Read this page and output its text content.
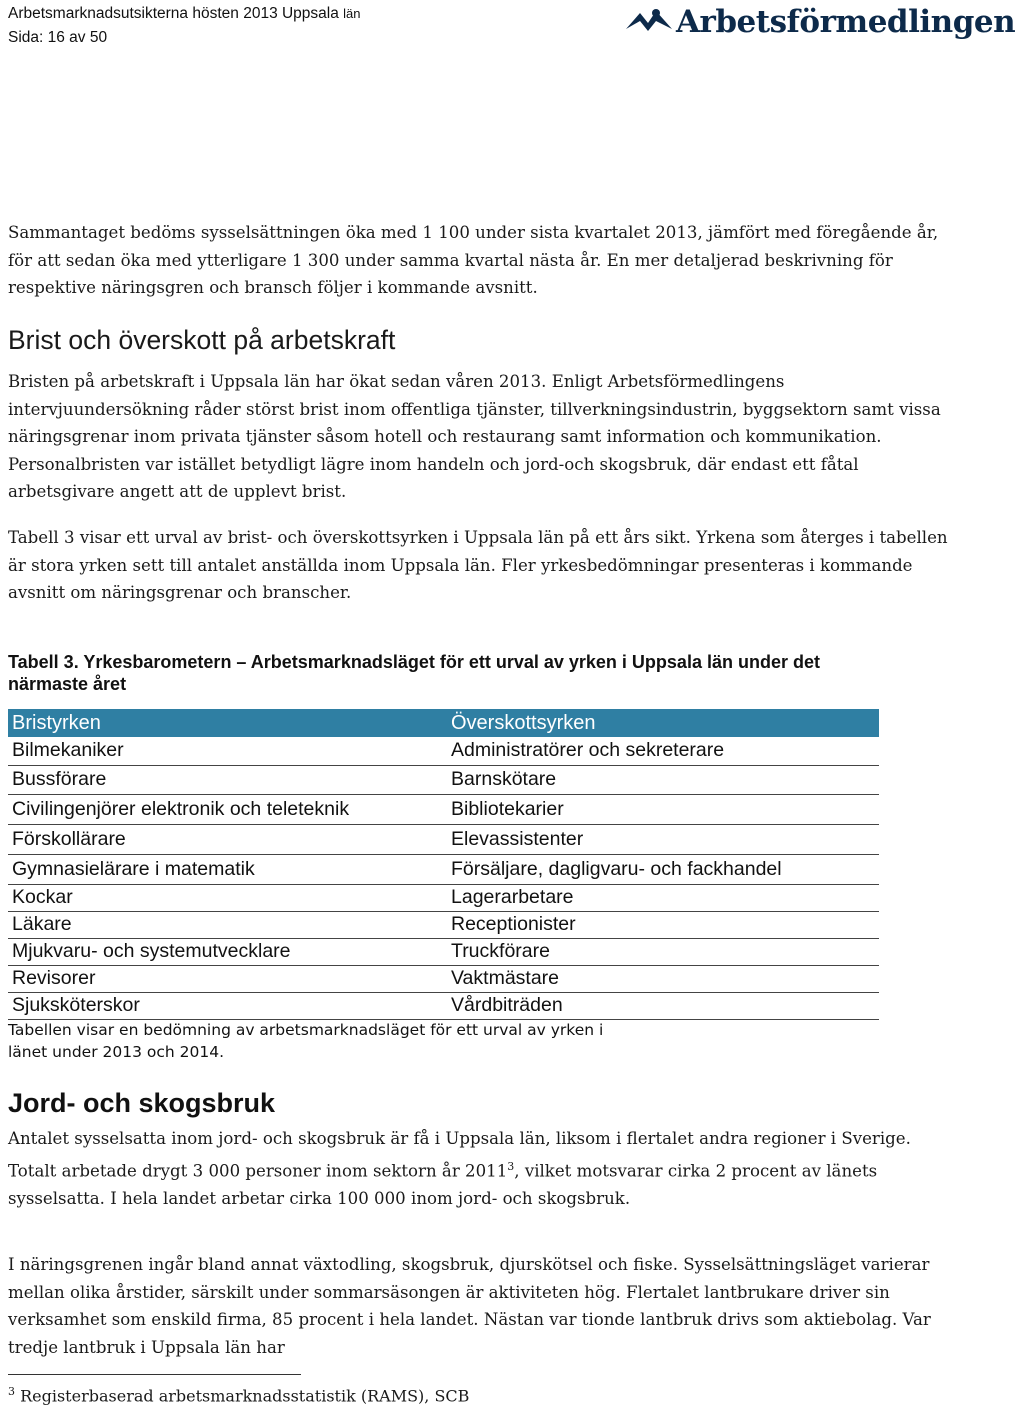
Arbetsmarknadsutsikterna hösten 2013 Uppsala län
Sida: 16 av 50	Arbetsförmedlingen

Sammantaget bedöms sysselsättningen öka med 1 100 under sista kvartalet 2013, jämfört med föregående år, för att sedan öka med ytterligare 1 300 under samma kvartal nästa år. En mer detaljerad beskrivning för respektive näringsgren och bransch följer i kommande avsnitt.

Brist och överskott på arbetskraft

Bristen på arbetskraft i Uppsala län har ökat sedan våren 2013. Enligt Arbetsförmedlingens intervjuundersökning råder störst brist inom offentliga tjänster, tillverkningsindustrin, byggsektorn samt vissa näringsgrenar inom privata tjänster såsom hotell och restaurang samt information och kommunikation. Personalbristen var istället betydligt lägre inom handeln och jord-och skogsbruk, där endast ett fåtal arbetsgivare angett att de upplevt brist.

Tabell 3 visar ett urval av brist- och överskottsyrken i Uppsala län på ett års sikt. Yrkena som återges i tabellen är stora yrken sett till antalet anställda inom Uppsala län. Fler yrkesbedömningar presenteras i kommande avsnitt om näringsgrenar och branscher.

Tabell 3. Yrkesbarometern – Arbetsmarknadsläget för ett urval av yrken i Uppsala län under det närmaste året

Bristyrken	Överskottsyrken
Bilmekaniker	Administratörer och sekreterare
Bussförare	Barnskötare
Civilingenjörer elektronik och teleteknik	Bibliotekarier
Förskollärare	Elevassistenter
Gymnasielärare i matematik	Försäljare, dagligvaru- och fackhandel
Kockar	Lagerarbetare
Läkare	Receptionister
Mjukvaru- och systemutvecklare	Truckförare
Revisorer	Vaktmästare
Sjuksköterskor	Vårdbiträden

Tabellen visar en bedömning av arbetsmarknadsläget för ett urval av yrken i länet under 2013 och 2014.

Jord- och skogsbruk

Antalet sysselsatta inom jord- och skogsbruk är få i Uppsala län, liksom i flertalet andra regioner i Sverige. Totalt arbetade drygt 3 000 personer inom sektorn år 2011$^3$, vilket motsvarar cirka 2 procent av länets sysselsatta. I hela landet arbetar cirka 100 000 inom jord- och skogsbruk.

I näringsgrenen ingår bland annat växtodling, skogsbruk, djurskötsel och fiske. Sysselsättningsläget varierar mellan olika årstider, särskilt under sommarsäsongen är aktiviteten hög. Flertalet lantbrukare driver sin verksamhet som enskild firma, 85 procent i hela landet. Nästan var tionde lantbruk drivs som aktiebolag. Var tredje lantbruk i Uppsala län har

$^3$ Registerbaserad arbetsmarknadsstatistik (RAMS), SCB
